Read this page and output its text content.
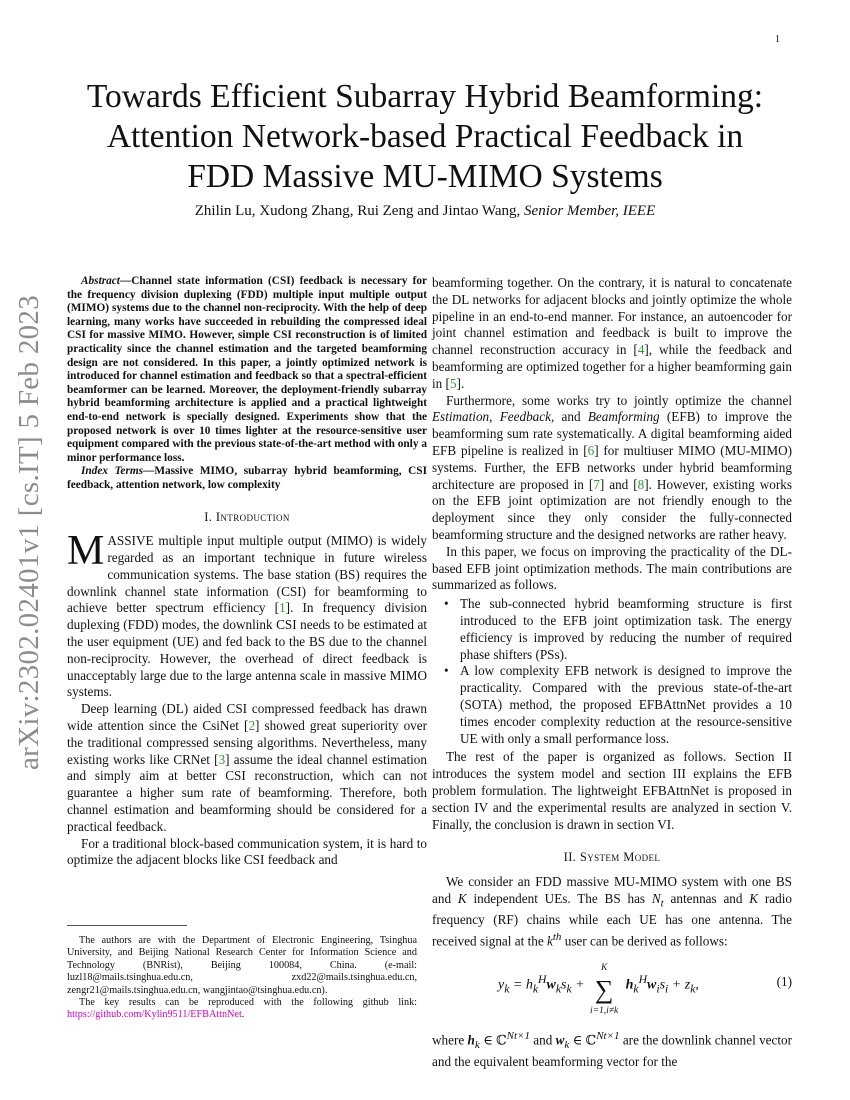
1
arXiv:2302.02401v1 [cs.IT] 5 Feb 2023
Towards Efficient Subarray Hybrid Beamforming:
Attention Network-based Practical Feedback in
FDD Massive MU-MIMO Systems
Zhilin Lu, Xudong Zhang, Rui Zeng and Jintao Wang, Senior Member, IEEE

Abstract—Channel state information (CSI) feedback is necessary for the frequency division duplexing (FDD) multiple input multiple output (MIMO) systems due to the channel non-reciprocity. With the help of deep learning, many works have succeeded in rebuilding the compressed ideal CSI for massive MIMO. However, simple CSI reconstruction is of limited practicality since the channel estimation and the targeted beamforming design are not considered. In this paper, a jointly optimized network is introduced for channel estimation and feedback so that a spectral-efficient beamformer can be learned. Moreover, the deployment-friendly subarray hybrid beamforming architecture is applied and a practical lightweight end-to-end network is specially designed. Experiments show that the proposed network is over 10 times lighter at the resource-sensitive user equipment compared with the previous state-of-the-art method with only a minor performance loss.

Index Terms—Massive MIMO, subarray hybrid beamforming, CSI feedback, attention network, low complexity

I. Introduction

MASSIVE multiple input multiple output (MIMO) is widely regarded as an important technique in future wireless communication systems. The base station (BS) requires the downlink channel state information (CSI) for beamforming to achieve better spectrum efficiency [1]. In frequency division duplexing (FDD) modes, the downlink CSI needs to be estimated at the user equipment (UE) and fed back to the BS due to the channel non-reciprocity. However, the overhead of direct feedback is unacceptably large due to the large antenna scale in massive MIMO systems.

Deep learning (DL) aided CSI compressed feedback has drawn wide attention since the CsiNet [2] showed great superiority over the traditional compressed sensing algorithms. Nevertheless, many existing works like CRNet [3] assume the ideal channel estimation and simply aim at better CSI reconstruction, which can not guarantee a higher sum rate of beamforming. Therefore, both channel estimation and beamforming should be considered for a practical feedback.

For a traditional block-based communication system, it is hard to optimize the adjacent blocks like CSI feedback and

beamforming together. On the contrary, it is natural to concatenate the DL networks for adjacent blocks and jointly optimize the whole pipeline in an end-to-end manner. For instance, an autoencoder for joint channel estimation and feedback is built to improve the channel reconstruction accuracy in [4], while the feedback and beamforming are optimized together for a higher beamforming gain in [5].

Furthermore, some works try to jointly optimize the channel Estimation, Feedback, and Beamforming (EFB) to improve the beamforming sum rate systematically. A digital beamforming aided EFB pipeline is realized in [6] for multiuser MIMO (MU-MIMO) systems. Further, the EFB networks under hybrid beamforming architecture are proposed in [7] and [8]. However, existing works on the EFB joint optimization are not friendly enough to the deployment since they only consider the fully-connected beamforming structure and the designed networks are rather heavy.

In this paper, we focus on improving the practicality of the DL-based EFB joint optimization methods. The main contributions are summarized as follows.

• The sub-connected hybrid beamforming structure is first introduced to the EFB joint optimization task. The energy efficiency is improved by reducing the number of required phase shifters (PSs).
• A low complexity EFB network is designed to improve the practicality. Compared with the previous state-of-the-art (SOTA) method, the proposed EFBAttnNet provides a 10 times encoder complexity reduction at the resource-sensitive UE with only a small performance loss.

The rest of the paper is organized as follows. Section II introduces the system model and section III explains the EFB problem formulation. The lightweight EFBAttnNet is proposed in section IV and the experimental results are analyzed in section V. Finally, the conclusion is drawn in section VI.

II. System Model

We consider an FDD massive MU-MIMO system with one BS and K independent UEs. The BS has $N_t$ antennas and K radio frequency (RF) chains while each UE has one antenna. The received signal at the $k^{th}$ user can be derived as follows:

$y_k = h_k^Hw_ks_k$ +	$h_k^Hw_is_i + z_k$,
K
∑
i=1,i≠k
(1)

where $h_k$ ∈ ℂ$^{Nt\times 1}$ and $w_k$ ∈ ℂ$^{Nt\times 1}$ are the downlink channel vector and the equivalent beamforming vector for the

The authors are with the Department of Electronic Engineering, Tsinghua University, and Beijing National Research Center for Information Science and Technology (BNRist), Beijing 100084, China. (e-mail: luzl18@mails.tsinghua.edu.cn, zxd22@mails.tsinghua.edu.cn, zengr21@mails.tsinghua.edu.cn, wangjintao@tsinghua.edu.cn).

The key results can be reproduced with the following github link: https://github.com/Kylin9511/EFBAttnNet.
